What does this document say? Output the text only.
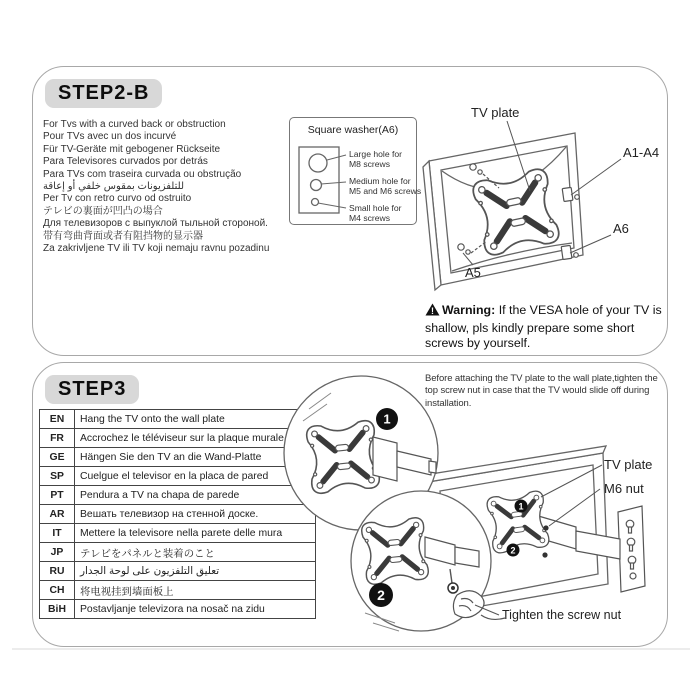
STEP2-B
For Tvs with a curved back or obstruction
Pour TVs avec un dos incurvé
Für TV-Geräte mit gebogener Rückseite
Para Televisores curvados por detrás
Para TVs com traseira curvada ou obstrução
للتلفزيونات بمقوس خلفي أو إعاقة
Per Tv con retro curvo od ostruito
テレビの裏面が凹凸の場合
Для телевизоров с выпуклой тыльной стороной.
带有弯曲背面或者有阻挡物的显示器
Za zakrivljene TV ili TV koji nemaju ravnu pozadinu
Square washer(A6)
Large hole for
M8 screws
Medium hole for
M5 and M6 screws
Small hole for
M4 screws
TV plate
A1-A4
A6
A5
! Warning: If the VESA hole of your TV is shallow, pls kindly prepare some short screws by yourself.
STEP3
EN	Hang the TV onto the wall plate
FR	Accrochez le téléviseur sur la plaque murale
GE	Hängen Sie den TV an die Wand-Platte
SP	Cuelgue el televisor en la placa de pared
PT	Pendura a TV na chapa de parede
AR	Вешать телевизор на стенной доске.
IT	Mettere la televisore nella parete delle mura
JP	テレビをパネルと装着のこと
RU	تعليق التلفزيون على لوحة الجدار
CH	将电视挂到墙面板上
BiH	Postavljanje televizora na nosač na zidu
1
2
TV plate
M6 nut
1
2
Tighten the screw nut
Before attaching the TV plate to the wall plate,tighten the top screw nut in case that the TV would slide off during installation.
